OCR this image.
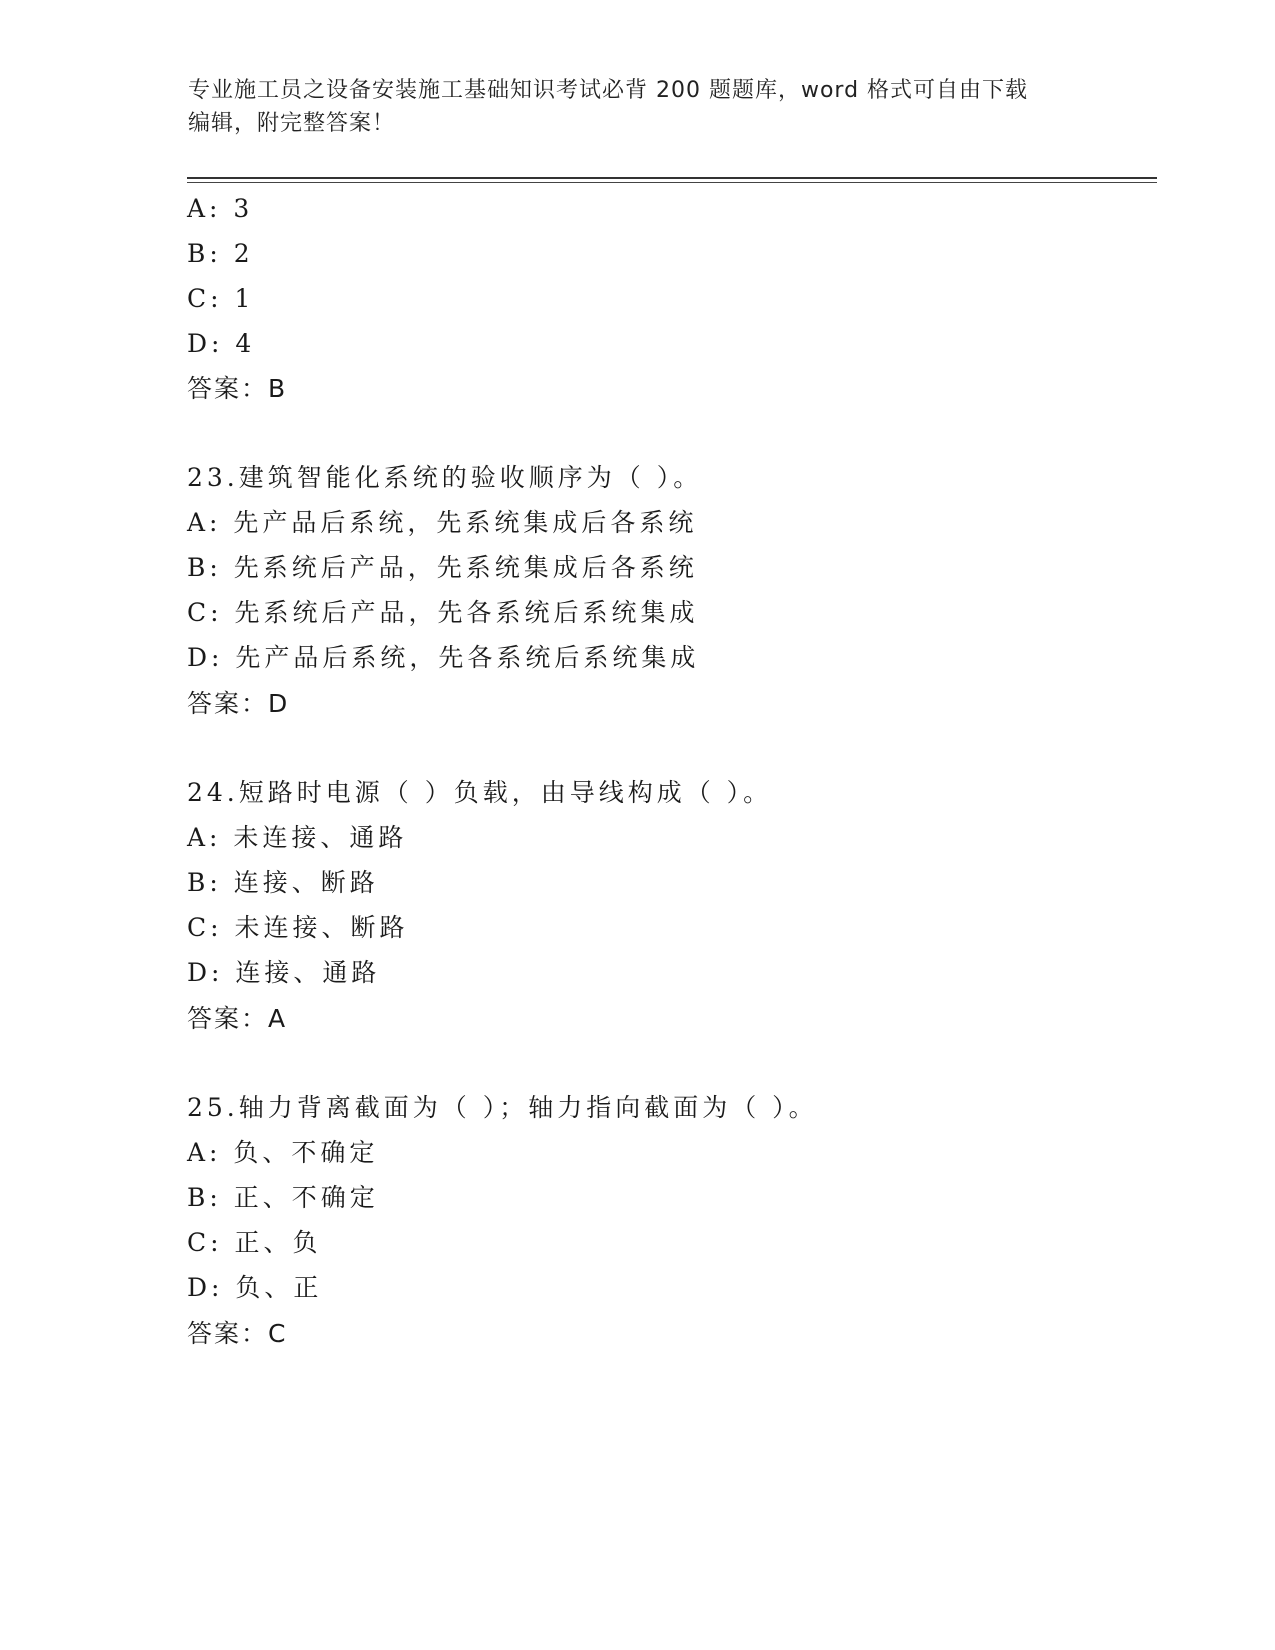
专业施工员之设备安装施工基础知识考试必背 200 题题库，word 格式可自由下载
编辑，附完整答案！
A: 3
B: 2
C: 1
D: 4
答案：B
23.建筑智能化系统的验收顺序为（ ）。
A: 先产品后系统，先系统集成后各系统
B: 先系统后产品，先系统集成后各系统
C: 先系统后产品，先各系统后系统集成
D: 先产品后系统，先各系统后系统集成
答案：D
24.短路时电源（ ）负载，由导线构成（ ）。
A: 未连接、通路
B: 连接、断路
C: 未连接、断路
D: 连接、通路
答案：A
25.轴力背离截面为（ ）；轴力指向截面为（ ）。
A: 负、不确定
B: 正、不确定
C: 正、负
D: 负、正
答案：C
